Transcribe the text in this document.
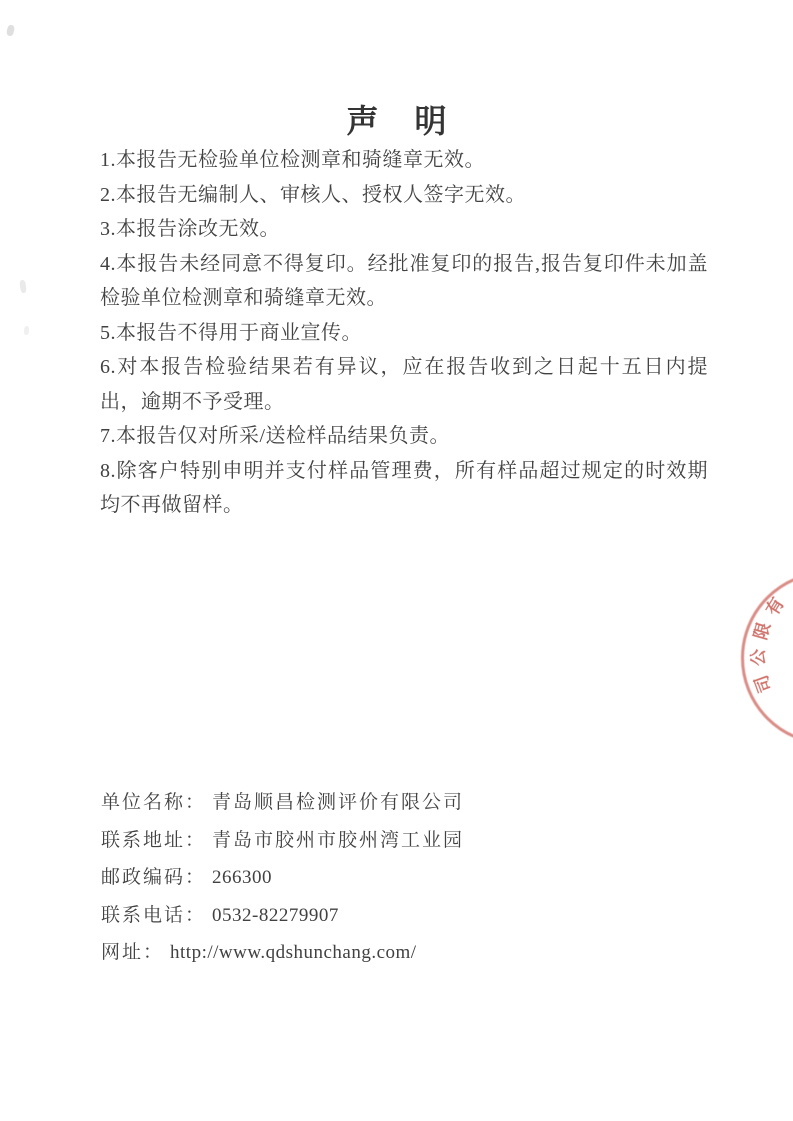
声 明
1.本报告无检验单位检测章和骑缝章无效。
2.本报告无编制人、审核人、授权人签字无效。
3.本报告涂改无效。
4.本报告未经同意不得复印。经批准复印的报告,报告复印件未加盖检验单位检测章和骑缝章无效。
5.本报告不得用于商业宣传。
6.对本报告检验结果若有异议，应在报告收到之日起十五日内提出，逾期不予受理。
7.本报告仅对所采/送检样品结果负责。
8.除客户特别申明并支付样品管理费，所有样品超过规定的时效期均不再做留样。
单位名称： 青岛顺昌检测评价有限公司
联系地址： 青岛市胶州市胶州湾工业园
邮政编码： 266300
联系电话： 0532-82279907
网址： http://www.qdshunchang.com/
有
限
公
司
